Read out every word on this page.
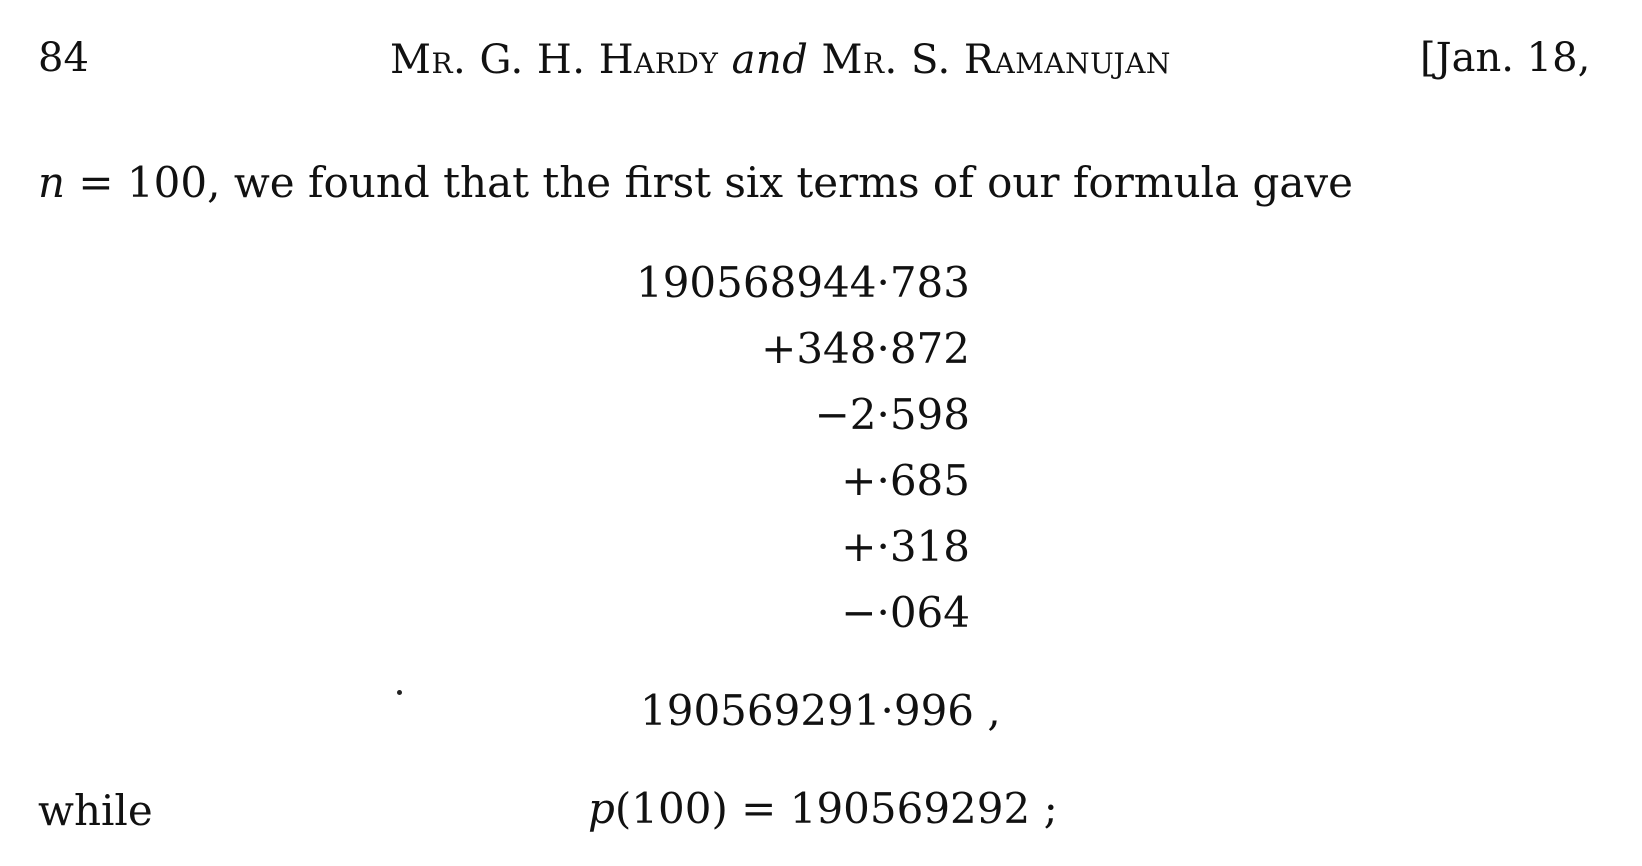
84	Mr. G. H. Hardy and Mr. S. Ramanujan	[Jan. 18,
n = 100, we found that the first six terms of our formula gave
190568944·783
+348·872
−2·598
+·685
+·318
−·064
190569291·996 ,
while	p(100) = 190569292 ;
